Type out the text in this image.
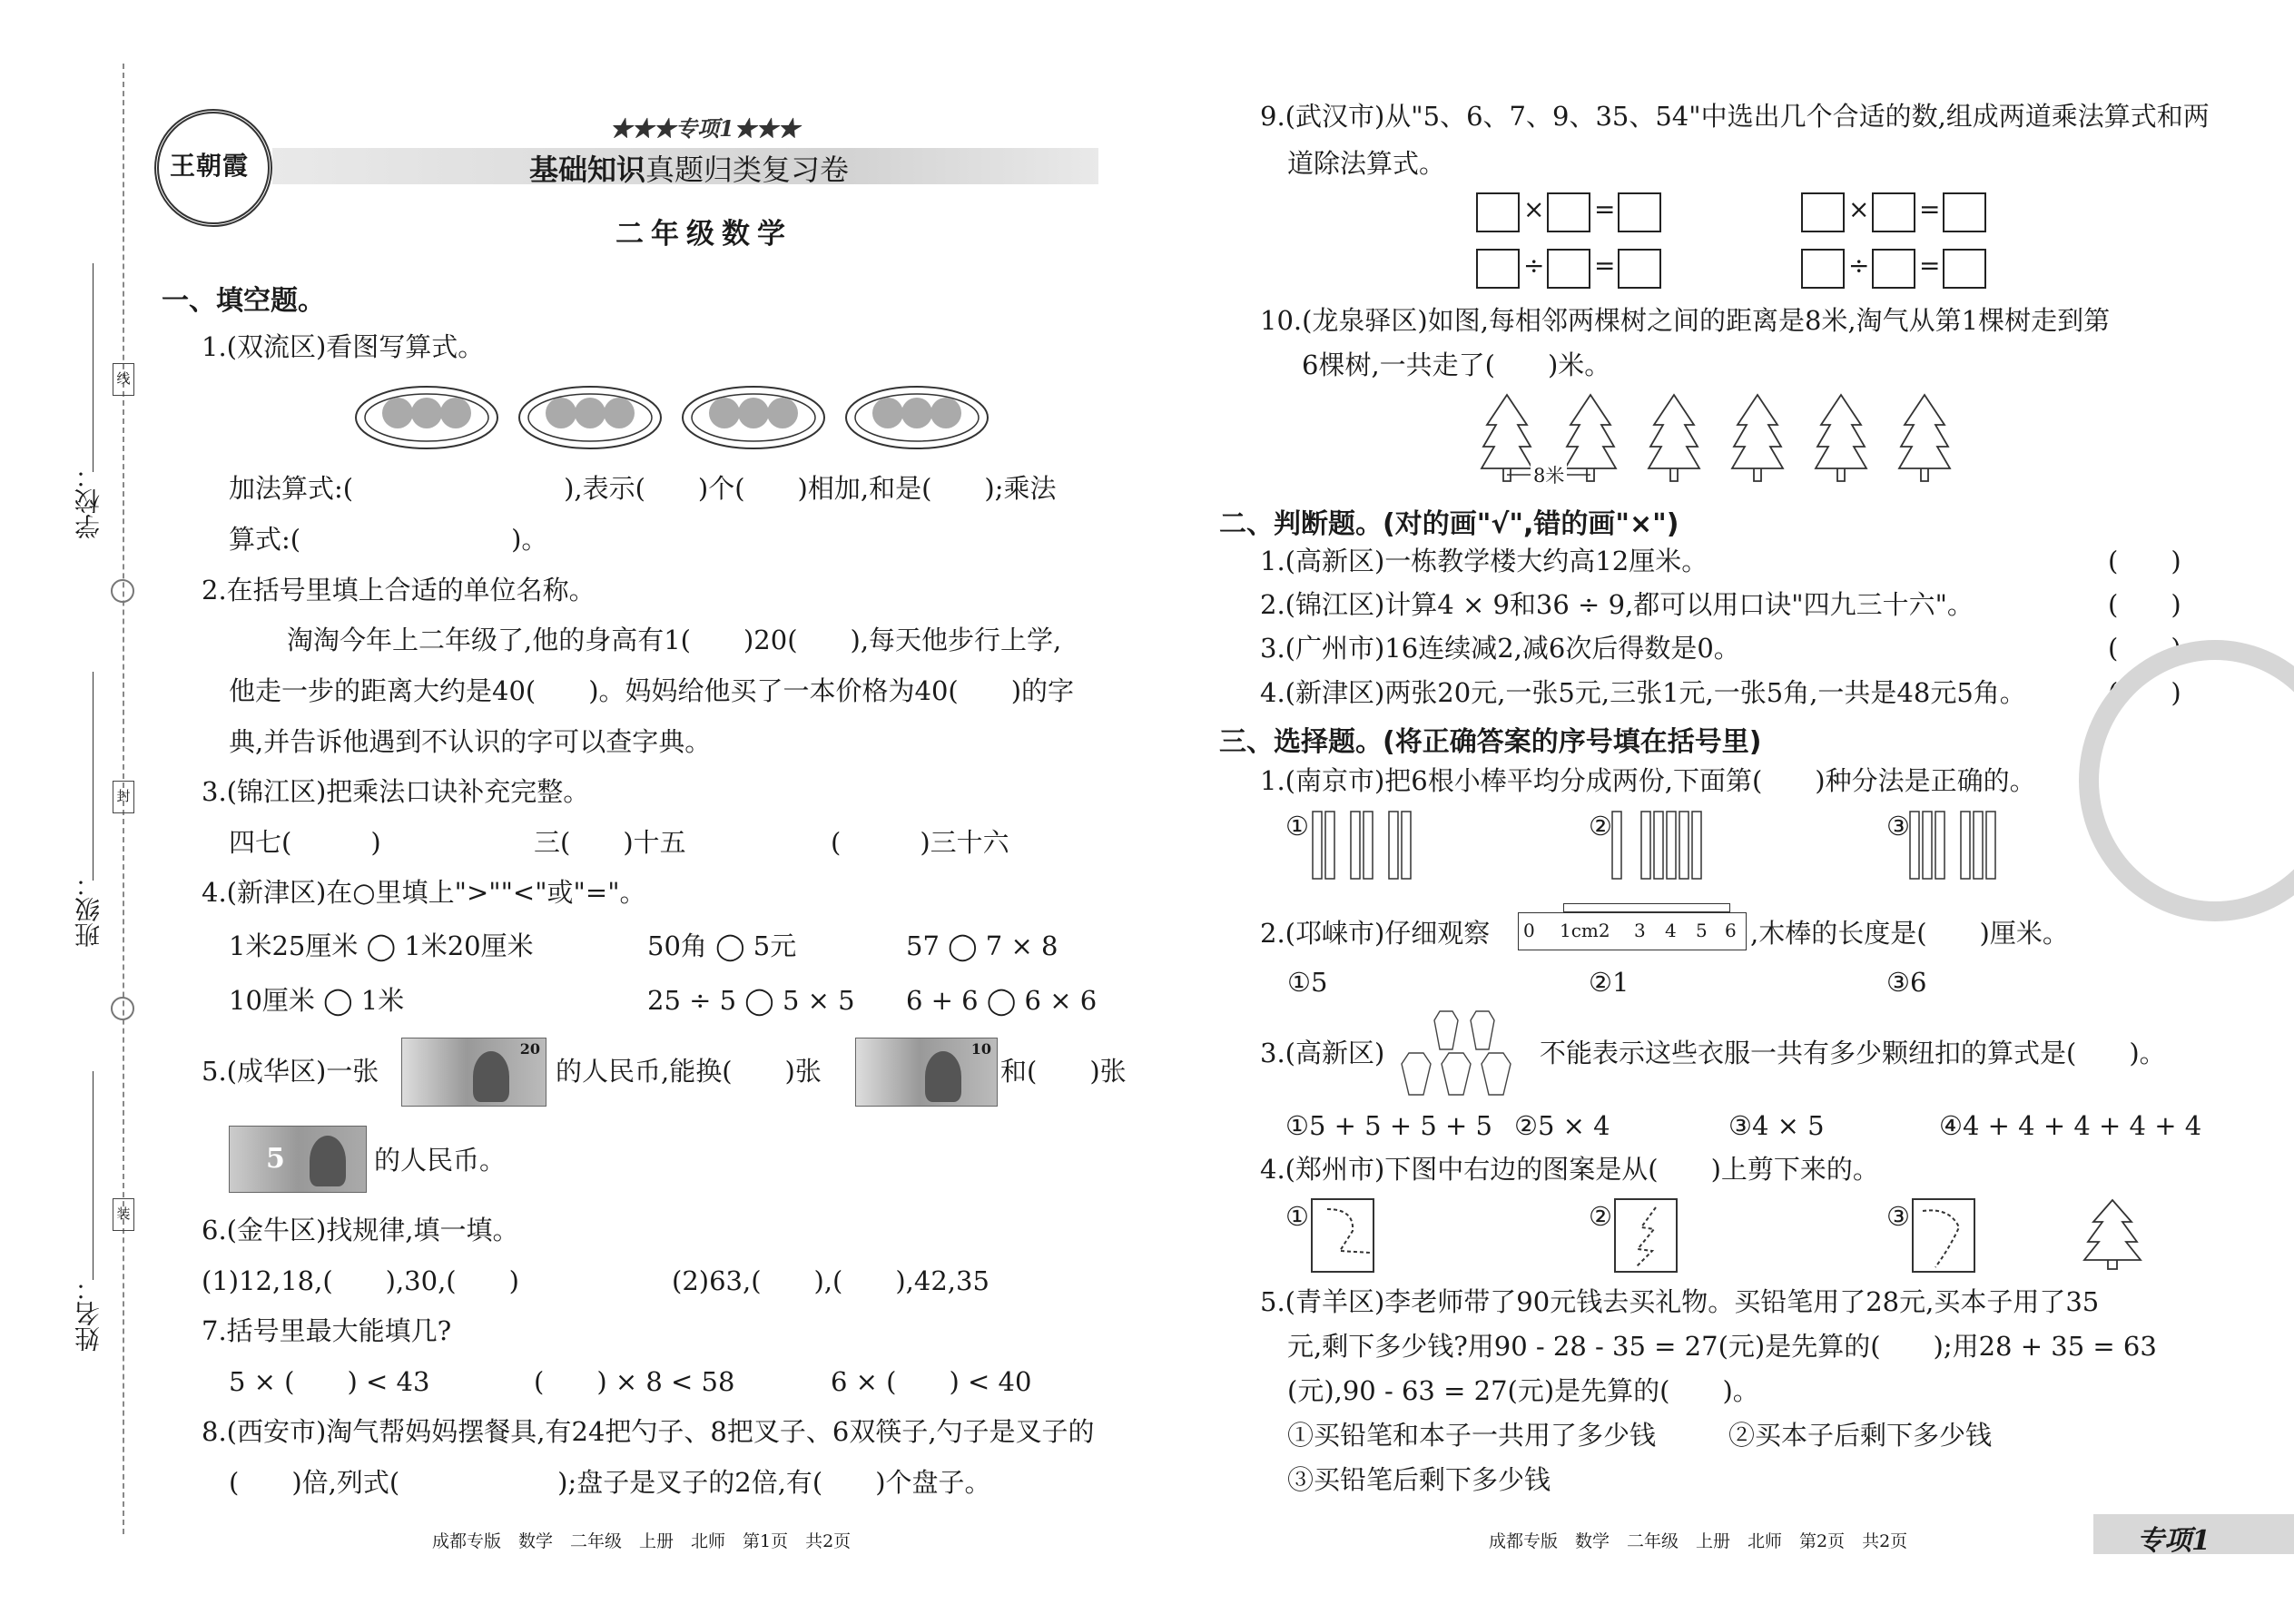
线
封
装
学校：
班级：
姓名：
王朝霞
★★★专项1★★★
基础知识真题归类复习卷
二年级数学
一、填空题。
1.(双流区)看图写算式。
加法算式:(　　　　　　　　),表示(　　)个(　　)相加,和是(　　);乘法
算式:(　　　　　　　　)。
2.在括号里填上合适的单位名称。
淘淘今年上二年级了,他的身高有1(　　)20(　　),每天他步行上学,
他走一步的距离大约是40(　　)。妈妈给他买了一本价格为40(　　)的字
典,并告诉他遇到不认识的字可以查字典。
3.(锦江区)把乘法口诀补充完整。
四七(　　　)	三(　　)十五	(　　　)三十六
4.(新津区)在○里填上">""<"或"="。
1米25厘米 ◯ 1米20厘米	50角 ◯ 5元	57 ◯ 7 × 8
10厘米 ◯ 1米	25 ÷ 5 ◯ 5 × 5 6 + 6 ◯ 6 × 6
5.(成华区)一张
20
的人民币,能换(　　)张
10
和(　　)张
5	的人民币。
6.(金牛区)找规律,填一填。
(1)12,18,(　　),30,(　　)	(2)63,(　　),(　　),42,35
7.括号里最大能填几?
5 × (　　) < 43	(　　) × 8 < 58	6 × (　　) < 40
8.(西安市)淘气帮妈妈摆餐具,有24把勺子、8把叉子、6双筷子,勺子是叉子的
(　　)倍,列式(　　　　　　);盘子是叉子的2倍,有(　　)个盘子。
成都专版　数学　二年级　上册　北师　第1页　共2页
9.(武汉市)从"5、6、7、9、35、54"中选出几个合适的数,组成两道乘法算式和两
道除法算式。
× =	× =
÷ =	÷ =
10.(龙泉驿区)如图,每相邻两棵树之间的距离是8米,淘气从第1棵树走到第
6棵树,一共走了(　　)米。
8米
二、判断题。(对的画"√",错的画"×")
1.(高新区)一栋教学楼大约高12厘米。	(　　)
2.(锦江区)计算4 × 9和36 ÷ 9,都可以用口诀"四九三十六"。	(　　)
3.(广州市)16连续减2,减6次后得数是0。	(　　)
4.(新津区)两张20元,一张5元,三张1元,一张5角,一共是48元5角。	(　　)
三、选择题。(将正确答案的序号填在括号里)
1.(南京市)把6根小棒平均分成两份,下面第(　　)种分法是正确的。
①	②	③
2.(邛崃市)仔细观察 0 1cm2 3 4 5 6 ,木棒的长度是(　　)厘米。
①5	②1	③6
3.(高新区)	不能表示这些衣服一共有多少颗纽扣的算式是(　　)。
①5 + 5 + 5 + 5 ②5 × 4	③4 × 5	④4 + 4 + 4 + 4 + 4
4.(郑州市)下图中右边的图案是从(　　)上剪下来的。
①	②	③
5.(青羊区)李老师带了90元钱去买礼物。买铅笔用了28元,买本子用了35
元,剩下多少钱?用90 - 28 - 35 = 27(元)是先算的(　　);用28 + 35 = 63
(元),90 - 63 = 27(元)是先算的(　　)。
①买铅笔和本子一共用了多少钱	②买本子后剩下多少钱
③买铅笔后剩下多少钱
成都专版　数学　二年级　上册　北师　第2页　共2页	专项1
